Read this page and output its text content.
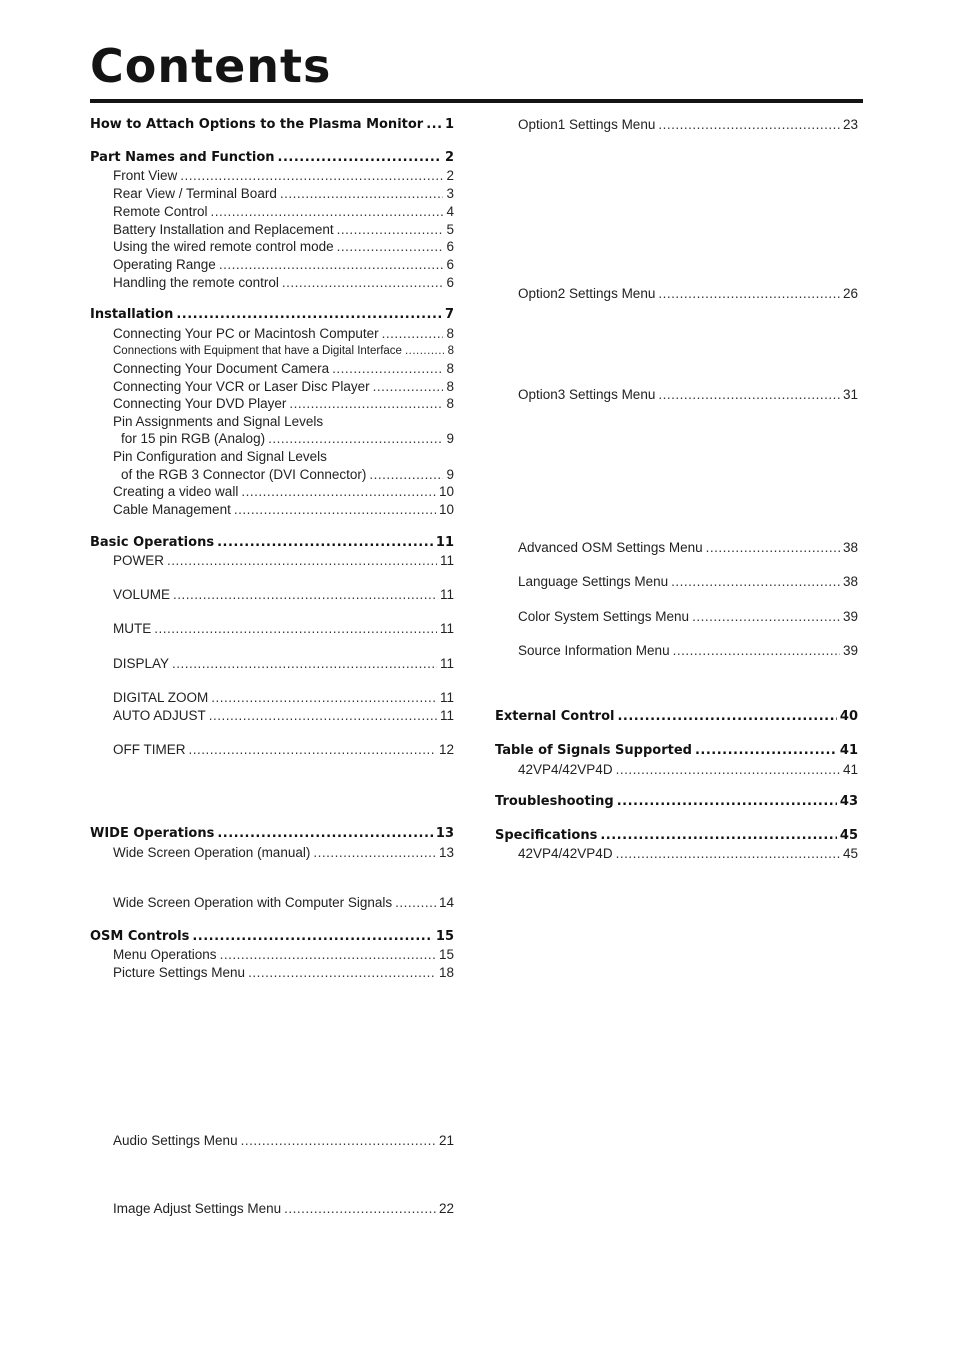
Contents
How to Attach Options to the Plasma Monitor ..... 1
Part Names and Function .....	2
Front View .....	2
Rear View / Terminal Board .....	3
Remote Control .....	4
Battery Installation and Replacement .....	5
Using the wired remote control mode .....	6
Operating Range .....	6
Handling the remote control .....	6
Installation .....	7
Connecting Your PC or Macintosh Computer .....	8
Connections with Equipment that have a Digital Interface .....	8
Connecting Your Document Camera .....	8
Connecting Your VCR or Laser Disc Player .....	8
Connecting Your DVD Player .....	8
Pin Assignments and Signal Levels
for 15 pin RGB (Analog) .....	9
Pin Configuration and Signal Levels
of the RGB 3 Connector (DVI Connector) .....	9
Creating a video wall .....	10
Cable Management .....	10
Basic Operations .....	11
POWER .....	11
VOLUME .....	11
MUTE .....	11
DISPLAY .....	11
DIGITAL ZOOM .....	11
AUTO ADJUST .....	11
OFF TIMER .....	12
WIDE Operations .....	13
Wide Screen Operation (manual) .....	13
Wide Screen Operation with Computer Signals .....	14
OSM Controls .....	15
Menu Operations .....	15
Picture Settings Menu .....	18
Audio Settings Menu .....	21
Image Adjust Settings Menu .....	22
Option1 Settings Menu .....	23
Option2 Settings Menu .....	26
Option3 Settings Menu .....	31
Advanced OSM Settings Menu .....	38
Language Settings Menu .....	38
Color System Settings Menu .....	39
Source Information Menu .....	39
External Control .....	40
Table of Signals Supported .....	41
42VP4/42VP4D .....	41
Troubleshooting .....	43
Specifications .....	45
42VP4/42VP4D .....	45
